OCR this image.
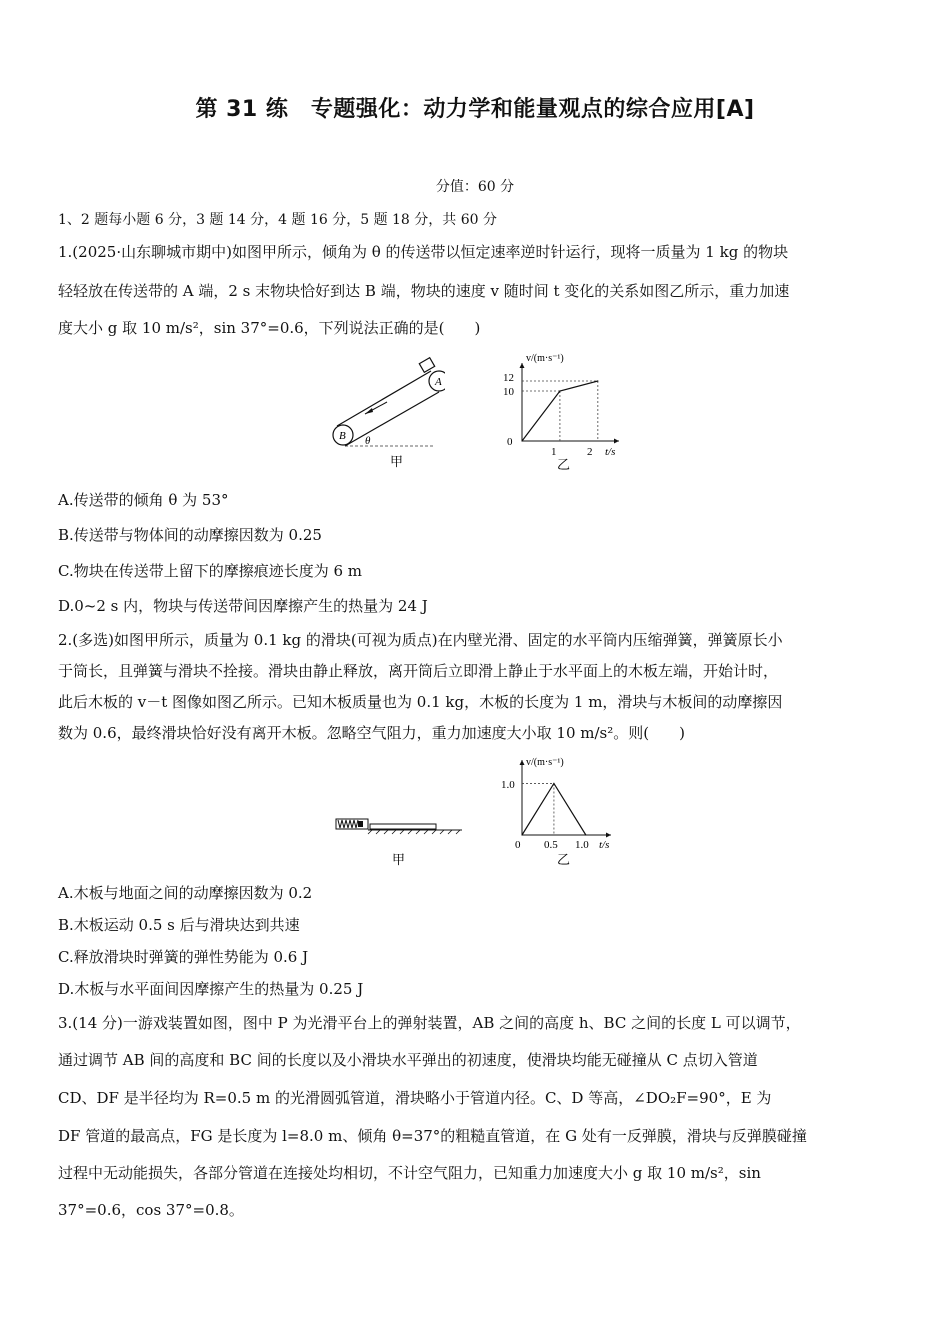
第 31 练　专题强化：动力学和能量观点的综合应用[A]
分值：60 分
1、2 题每小题 6 分，3 题 14 分，4 题 16 分，5 题 18 分，共 60 分
1.(2025·山东聊城市期中)如图甲所示，倾角为 θ 的传送带以恒定速率逆时针运行，现将一质量为 1 kg 的物块
轻轻放在传送带的 A 端，2 s 末物块恰好到达 B 端，物块的速度 v 随时间 t 变化的关系如图乙所示，重力加速
度大小 g 取 10 m/s²，sin 37°=0.6，下列说法正确的是(　　)
A
B θ
甲
v/(m·s⁻¹)
t/s
0
1	2
12
10
乙
A.传送带的倾角 θ 为 53°
B.传送带与物体间的动摩擦因数为 0.25
C.物块在传送带上留下的摩擦痕迹长度为 6 m
D.0~2 s 内，物块与传送带间因摩擦产生的热量为 24 J
2.(多选)如图甲所示，质量为 0.1 kg 的滑块(可视为质点)在内壁光滑、固定的水平筒内压缩弹簧，弹簧原长小
于筒长，且弹簧与滑块不拴接。滑块由静止释放，离开筒后立即滑上静止于水平面上的木板左端，开始计时，
此后木板的 v－t 图像如图乙所示。已知木板质量也为 0.1 kg，木板的长度为 1 m，滑块与木板间的动摩擦因
数为 0.6，最终滑块恰好没有离开木板。忽略空气阻力，重力加速度大小取 10 m/s²。则(　　)
甲
v/(m·s⁻¹)
t/s
0 0.5 1.0
1.0
乙
A.木板与地面之间的动摩擦因数为 0.2
B.木板运动 0.5 s 后与滑块达到共速
C.释放滑块时弹簧的弹性势能为 0.6 J
D.木板与水平面间因摩擦产生的热量为 0.25 J
3.(14 分)一游戏装置如图，图中 P 为光滑平台上的弹射装置，AB 之间的高度 h、BC 之间的长度 L 可以调节，
通过调节 AB 间的高度和 BC 间的长度以及小滑块水平弹出的初速度，使滑块均能无碰撞从 C 点切入管道
CD、DF 是半径均为 R=0.5 m 的光滑圆弧管道，滑块略小于管道内径。C、D 等高，∠DO₂F=90°，E 为
DF 管道的最高点，FG 是长度为 l=8.0 m、倾角 θ=37°的粗糙直管道，在 G 处有一反弹膜，滑块与反弹膜碰撞
过程中无动能损失，各部分管道在连接处均相切，不计空气阻力，已知重力加速度大小 g 取 10 m/s²，sin
37°=0.6，cos 37°=0.8。
